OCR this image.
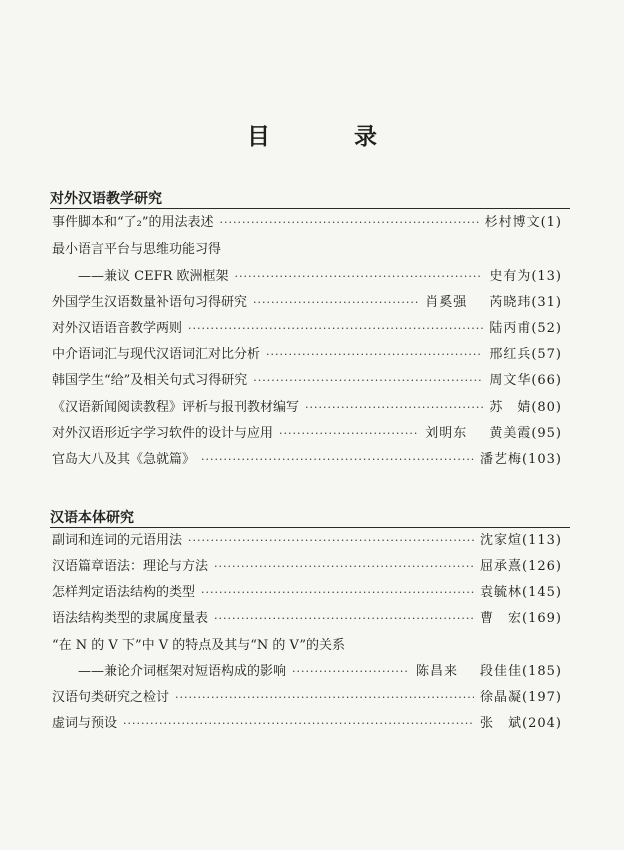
目 录
对外汉语教学研究
事件脚本和“了₂”的用法表述 ·····	杉村博文(1)
最小语言平台与思维功能习得
——兼议 CEFR 欧洲框架 ·····	史有为(13)
外国学生汉语数量补语句习得研究 ·····	肖奚强 芮晓玮(31)
对外汉语语音教学两则 ·····	陆丙甫(52)
中介语词汇与现代汉语词汇对比分析 ·····	邢红兵(57)
韩国学生“给”及相关句式习得研究 ·····	周文华(66)
《汉语新闻阅读教程》评析与报刊教材编写 ·····	苏　婧(80)
对外汉语形近字学习软件的设计与应用 ·····	刘明东 黄美霞(95)
官岛大八及其《急就篇》 ·····	潘艺梅(103)
汉语本体研究
副词和连词的元语用法 ·····	沈家煊(113)
汉语篇章语法：理论与方法 ·····	屈承熹(126)
怎样判定语法结构的类型 ·····	袁毓林(145)
语法结构类型的隶属度量表 ·····	曹　宏(169)
“在 N 的 V 下”中 V 的特点及其与“N 的 V”的关系
——兼论介词框架对短语构成的影响 ·····	陈昌来 段佳佳(185)
汉语句类研究之检讨 ·····	徐晶凝(197)
虚词与预设 ·····	张　斌(204)
